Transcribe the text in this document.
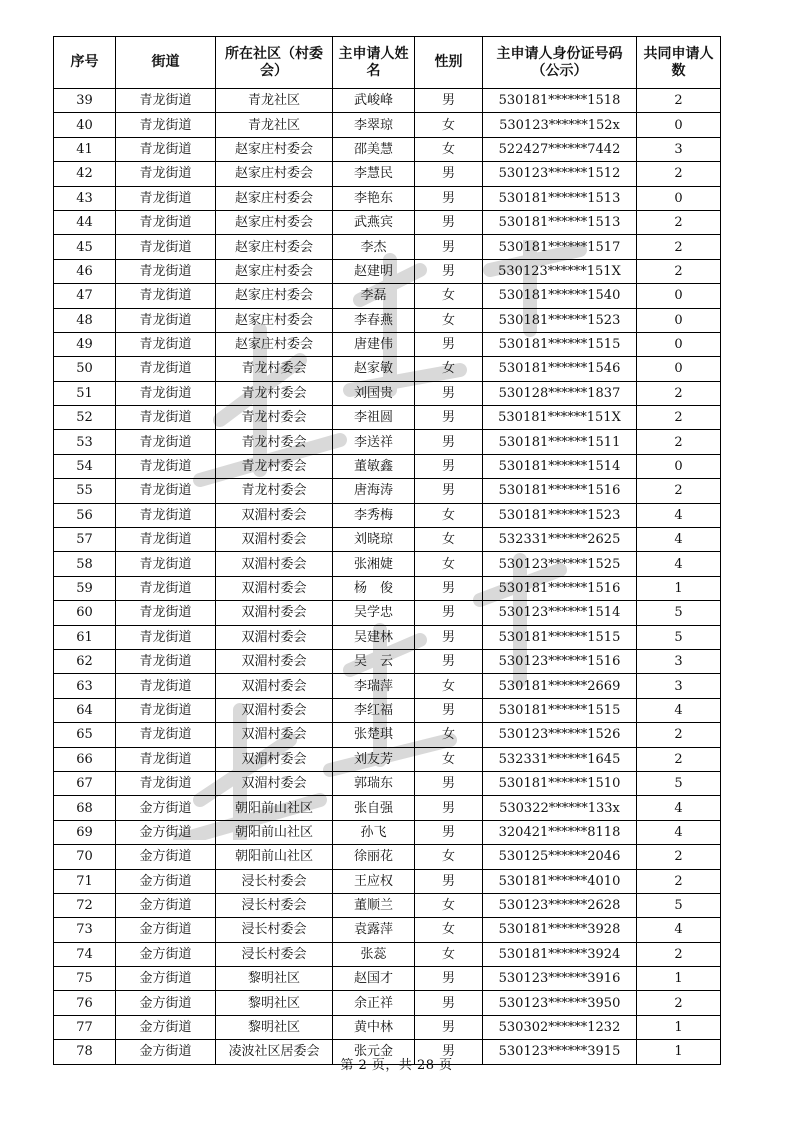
序号	街道	所在社区（村委会）	主申请人姓名	性别	主申请人身份证号码（公示）	共同申请人数
39	青龙街道	青龙社区	武峻峰	男	530181******1518	2
40	青龙街道	青龙社区	李翠琼	女	530123******152x	0
41	青龙街道	赵家庄村委会	邵美慧	女	522427******7442	3
42	青龙街道	赵家庄村委会	李慧民	男	530123******1512	2
43	青龙街道	赵家庄村委会	李艳东	男	530181******1513	0
44	青龙街道	赵家庄村委会	武燕宾	男	530181******1513	2
45	青龙街道	赵家庄村委会	李杰	男	530181******1517	2
46	青龙街道	赵家庄村委会	赵建明	男	530123******151X	2
47	青龙街道	赵家庄村委会	李磊	女	530181******1540	0
48	青龙街道	赵家庄村委会	李春燕	女	530181******1523	0
49	青龙街道	赵家庄村委会	唐建伟	男	530181******1515	0
50	青龙街道	青龙村委会	赵家敏	女	530181******1546	0
51	青龙街道	青龙村委会	刘国贵	男	530128******1837	2
52	青龙街道	青龙村委会	李祖圆	男	530181******151X	2
53	青龙街道	青龙村委会	李送祥	男	530181******1511	2
54	青龙街道	青龙村委会	董敏鑫	男	530181******1514	0
55	青龙街道	青龙村委会	唐海涛	男	530181******1516	2
56	青龙街道	双湄村委会	李秀梅	女	530181******1523	4
57	青龙街道	双湄村委会	刘晓琼	女	532331******2625	4
58	青龙街道	双湄村委会	张湘婕	女	530123******1525	4
59	青龙街道	双湄村委会	杨　俊	男	530181******1516	1
60	青龙街道	双湄村委会	吴学忠	男	530123******1514	5
61	青龙街道	双湄村委会	吴建林	男	530181******1515	5
62	青龙街道	双湄村委会	吴　云	男	530123******1516	3
63	青龙街道	双湄村委会	李瑞萍	女	530181******2669	3
64	青龙街道	双湄村委会	李红福	男	530181******1515	4
65	青龙街道	双湄村委会	张楚琪	女	530123******1526	2
66	青龙街道	双湄村委会	刘友芳	女	532331******1645	2
67	青龙街道	双湄村委会	郭瑞东	男	530181******1510	5
68	金方街道	朝阳前山社区	张自强	男	530322******133x	4
69	金方街道	朝阳前山社区	孙飞	男	320421******8118	4
70	金方街道	朝阳前山社区	徐丽花	女	530125******2046	2
71	金方街道	浸长村委会	王应权	男	530181******4010	2
72	金方街道	浸长村委会	董顺兰	女	530123******2628	5
73	金方街道	浸长村委会	袁露萍	女	530181******3928	4
74	金方街道	浸长村委会	张蕊	女	530181******3924	2
75	金方街道	黎明社区	赵国才	男	530123******3916	1
76	金方街道	黎明社区	余正祥	男	530123******3950	2
77	金方街道	黎明社区	黄中林	男	530302******1232	1
78	金方街道	凌波社区居委会	张元金	男	530123******3915	1
第 2 页，共 28 页
